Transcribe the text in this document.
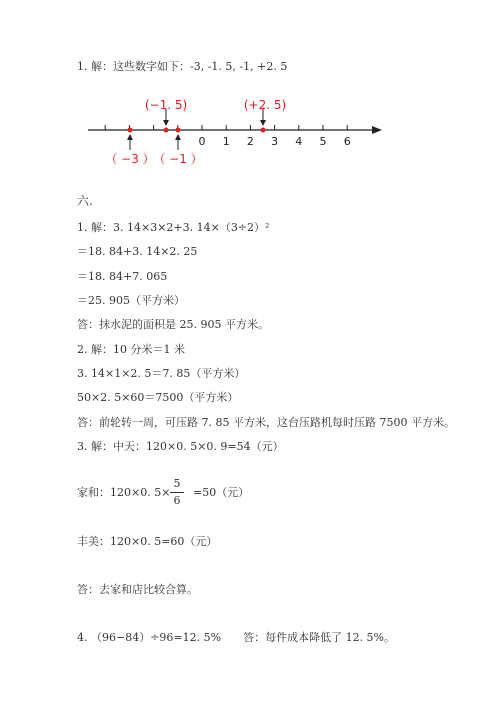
1. 解：这些数字如下：-3, -1. 5, -1, +2. 5
0 1 2 3 4 5 6
(−1. 5)	(+2. 5)
（ −3 ）
（ −1 ）
六.
1. 解：3. 14×3×2+3. 14×（3÷2）²
＝18. 84+3. 14×2. 25
＝18. 84+7. 065
＝25. 905（平方米）
答：抹水泥的面积是 25. 905 平方米。
2. 解：10 分米＝1 米
3. 14×1×2. 5＝7. 85（平方米）
50×2. 5×60＝7500（平方米）
答：前轮转一周，可压路 7. 85 平方米，这台压路机每时压路 7500 平方米。
3. 解：中天：120×0. 5×0. 9=54（元）
家和：120×0. 5×
5
6
=50（元）
丰美：120×0. 5=60（元）
答：去家和店比较合算。
4. （96−84）÷96=12. 5%　　答：每件成本降低了 12. 5%。
